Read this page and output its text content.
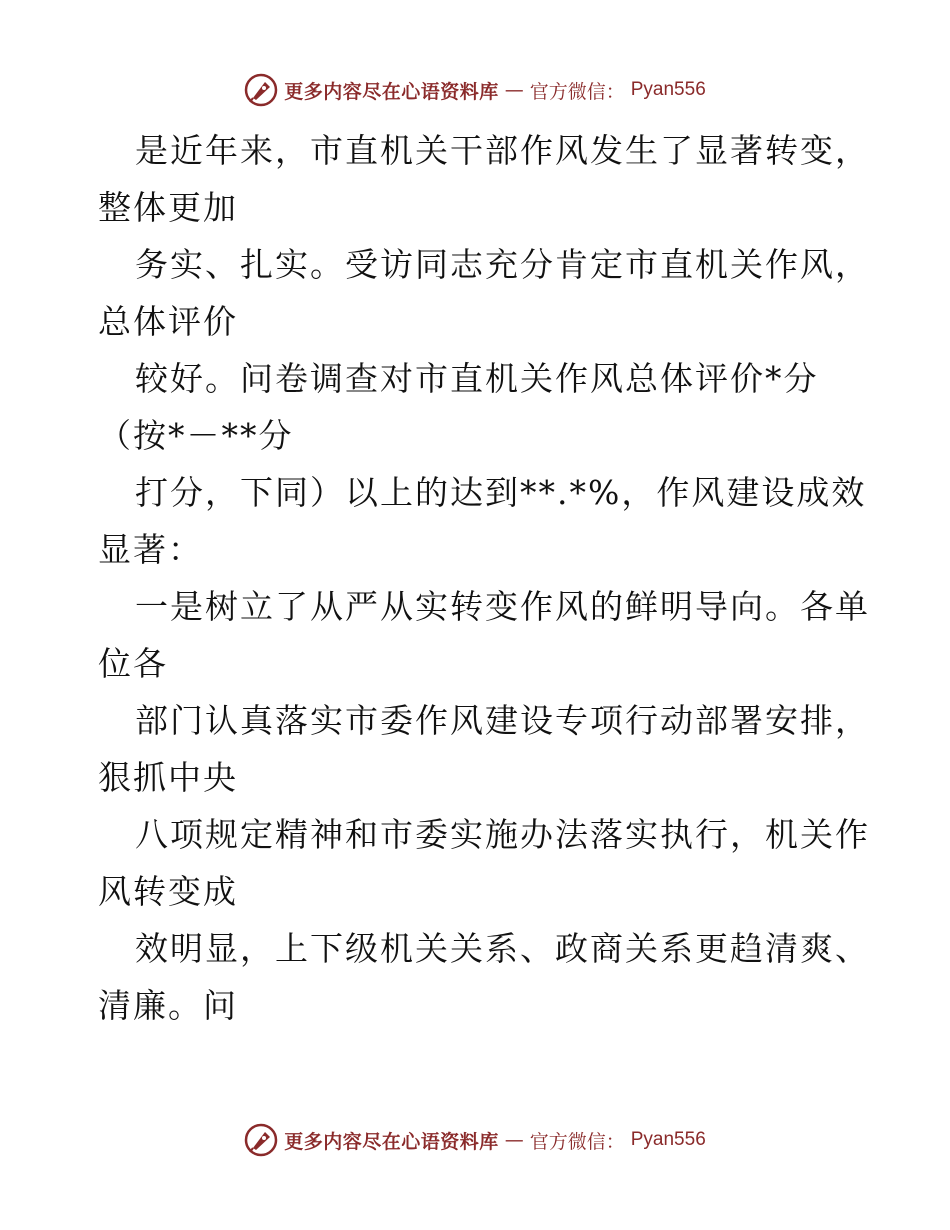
更多内容尽在心语资料库 — 官方微信： Pyan556
是近年来，市直机关干部作风发生了显著转变，
整体更加
务实、扎实。受访同志充分肯定市直机关作风，
总体评价
较好。问卷调查对市直机关作风总体评价*分
（按*－**分
打分，下同）以上的达到**.*%，作风建设成效
显著：
一是树立了从严从实转变作风的鲜明导向。各单
位各
部门认真落实市委作风建设专项行动部署安排，
狠抓中央
八项规定精神和市委实施办法落实执行，机关作
风转变成
效明显，上下级机关关系、政商关系更趋清爽、
清廉。问
更多内容尽在心语资料库 — 官方微信： Pyan556
